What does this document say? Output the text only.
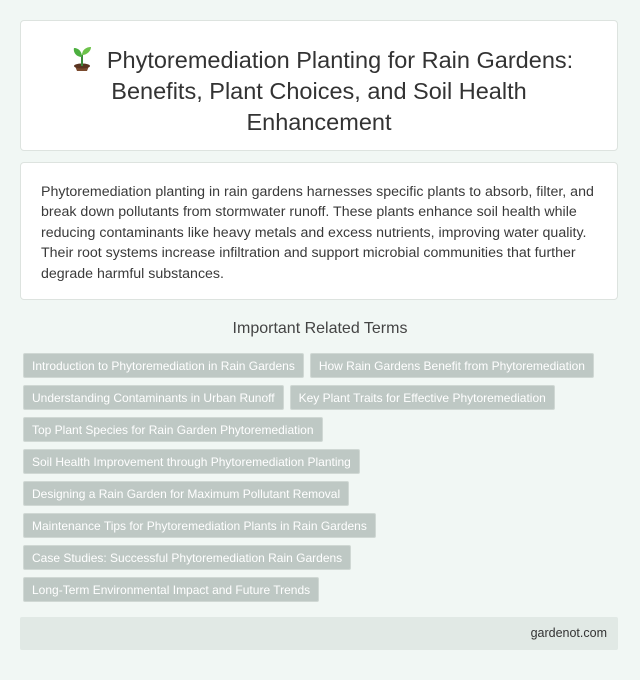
Phytoremediation Planting for Rain Gardens:
Benefits, Plant Choices, and Soil Health
Enhancement
Phytoremediation planting in rain gardens harnesses specific plants to absorb, filter, and break down pollutants from stormwater runoff. These plants enhance soil health while reducing contaminants like heavy metals and excess nutrients, improving water quality. Their root systems increase infiltration and support microbial communities that further degrade harmful substances.
Important Related Terms
Introduction to Phytoremediation in Rain Gardens How Rain Gardens Benefit from Phytoremediation
Understanding Contaminants in Urban Runoff Key Plant Traits for Effective Phytoremediation
Top Plant Species for Rain Garden Phytoremediation
Soil Health Improvement through Phytoremediation Planting
Designing a Rain Garden for Maximum Pollutant Removal
Maintenance Tips for Phytoremediation Plants in Rain Gardens
Case Studies: Successful Phytoremediation Rain Gardens
Long-Term Environmental Impact and Future Trends
gardenot.com
